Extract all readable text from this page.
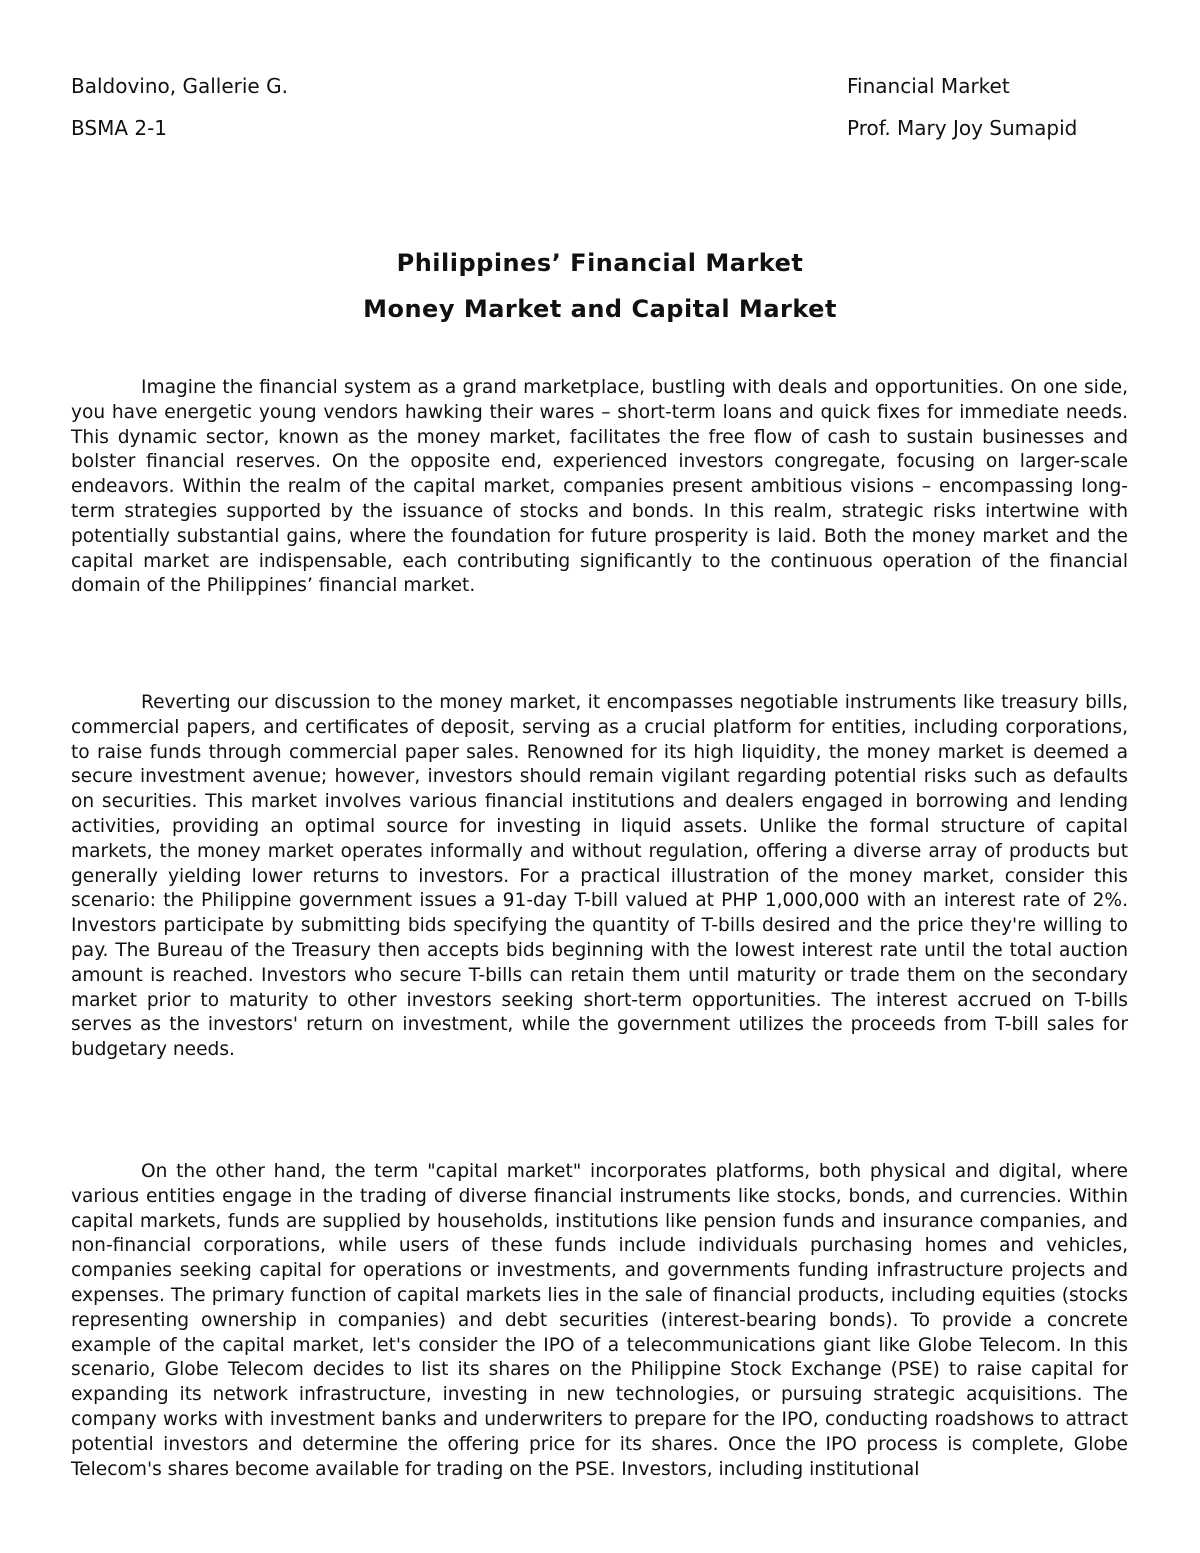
Baldovino, Gallerie G.
BSMA 2-1
Financial Market
Prof. Mary Joy Sumapid
Philippines’ Financial Market
Money Market and Capital Market

Imagine the financial system as a grand marketplace, bustling with deals and opportunities. On one side, you have energetic young vendors hawking their wares – short-term loans and quick fixes for immediate needs. This dynamic sector, known as the money market, facilitates the free flow of cash to sustain businesses and bolster financial reserves. On the opposite end, experienced investors congregate, focusing on larger-scale endeavors. Within the realm of the capital market, companies present ambitious visions – encompassing long-term strategies supported by the issuance of stocks and bonds. In this realm, strategic risks intertwine with potentially substantial gains, where the foundation for future prosperity is laid. Both the money market and the capital market are indispensable, each contributing significantly to the continuous operation of the financial domain of the Philippines’ financial market.

Reverting our discussion to the money market, it encompasses negotiable instruments like treasury bills, commercial papers, and certificates of deposit, serving as a crucial platform for entities, including corporations, to raise funds through commercial paper sales. Renowned for its high liquidity, the money market is deemed a secure investment avenue; however, investors should remain vigilant regarding potential risks such as defaults on securities. This market involves various financial institutions and dealers engaged in borrowing and lending activities, providing an optimal source for investing in liquid assets. Unlike the formal structure of capital markets, the money market operates informally and without regulation, offering a diverse array of products but generally yielding lower returns to investors. For a practical illustration of the money market, consider this scenario: the Philippine government issues a 91-day T-bill valued at PHP 1,000,000 with an interest rate of 2%. Investors participate by submitting bids specifying the quantity of T-bills desired and the price they're willing to pay. The Bureau of the Treasury then accepts bids beginning with the lowest interest rate until the total auction amount is reached. Investors who secure T-bills can retain them until maturity or trade them on the secondary market prior to maturity to other investors seeking short-term opportunities. The interest accrued on T-bills serves as the investors' return on investment, while the government utilizes the proceeds from T-bill sales for budgetary needs.

On the other hand, the term "capital market" incorporates platforms, both physical and digital, where various entities engage in the trading of diverse financial instruments like stocks, bonds, and currencies. Within capital markets, funds are supplied by households, institutions like pension funds and insurance companies, and non-financial corporations, while users of these funds include individuals purchasing homes and vehicles, companies seeking capital for operations or investments, and governments funding infrastructure projects and expenses. The primary function of capital markets lies in the sale of financial products, including equities (stocks representing ownership in companies) and debt securities (interest-bearing bonds). To provide a concrete example of the capital market, let's consider the IPO of a telecommunications giant like Globe Telecom. In this scenario, Globe Telecom decides to list its shares on the Philippine Stock Exchange (PSE) to raise capital for expanding its network infrastructure, investing in new technologies, or pursuing strategic acquisitions. The company works with investment banks and underwriters to prepare for the IPO, conducting roadshows to attract potential investors and determine the offering price for its shares. Once the IPO process is complete, Globe Telecom's shares become available for trading on the PSE. Investors, including institutional
